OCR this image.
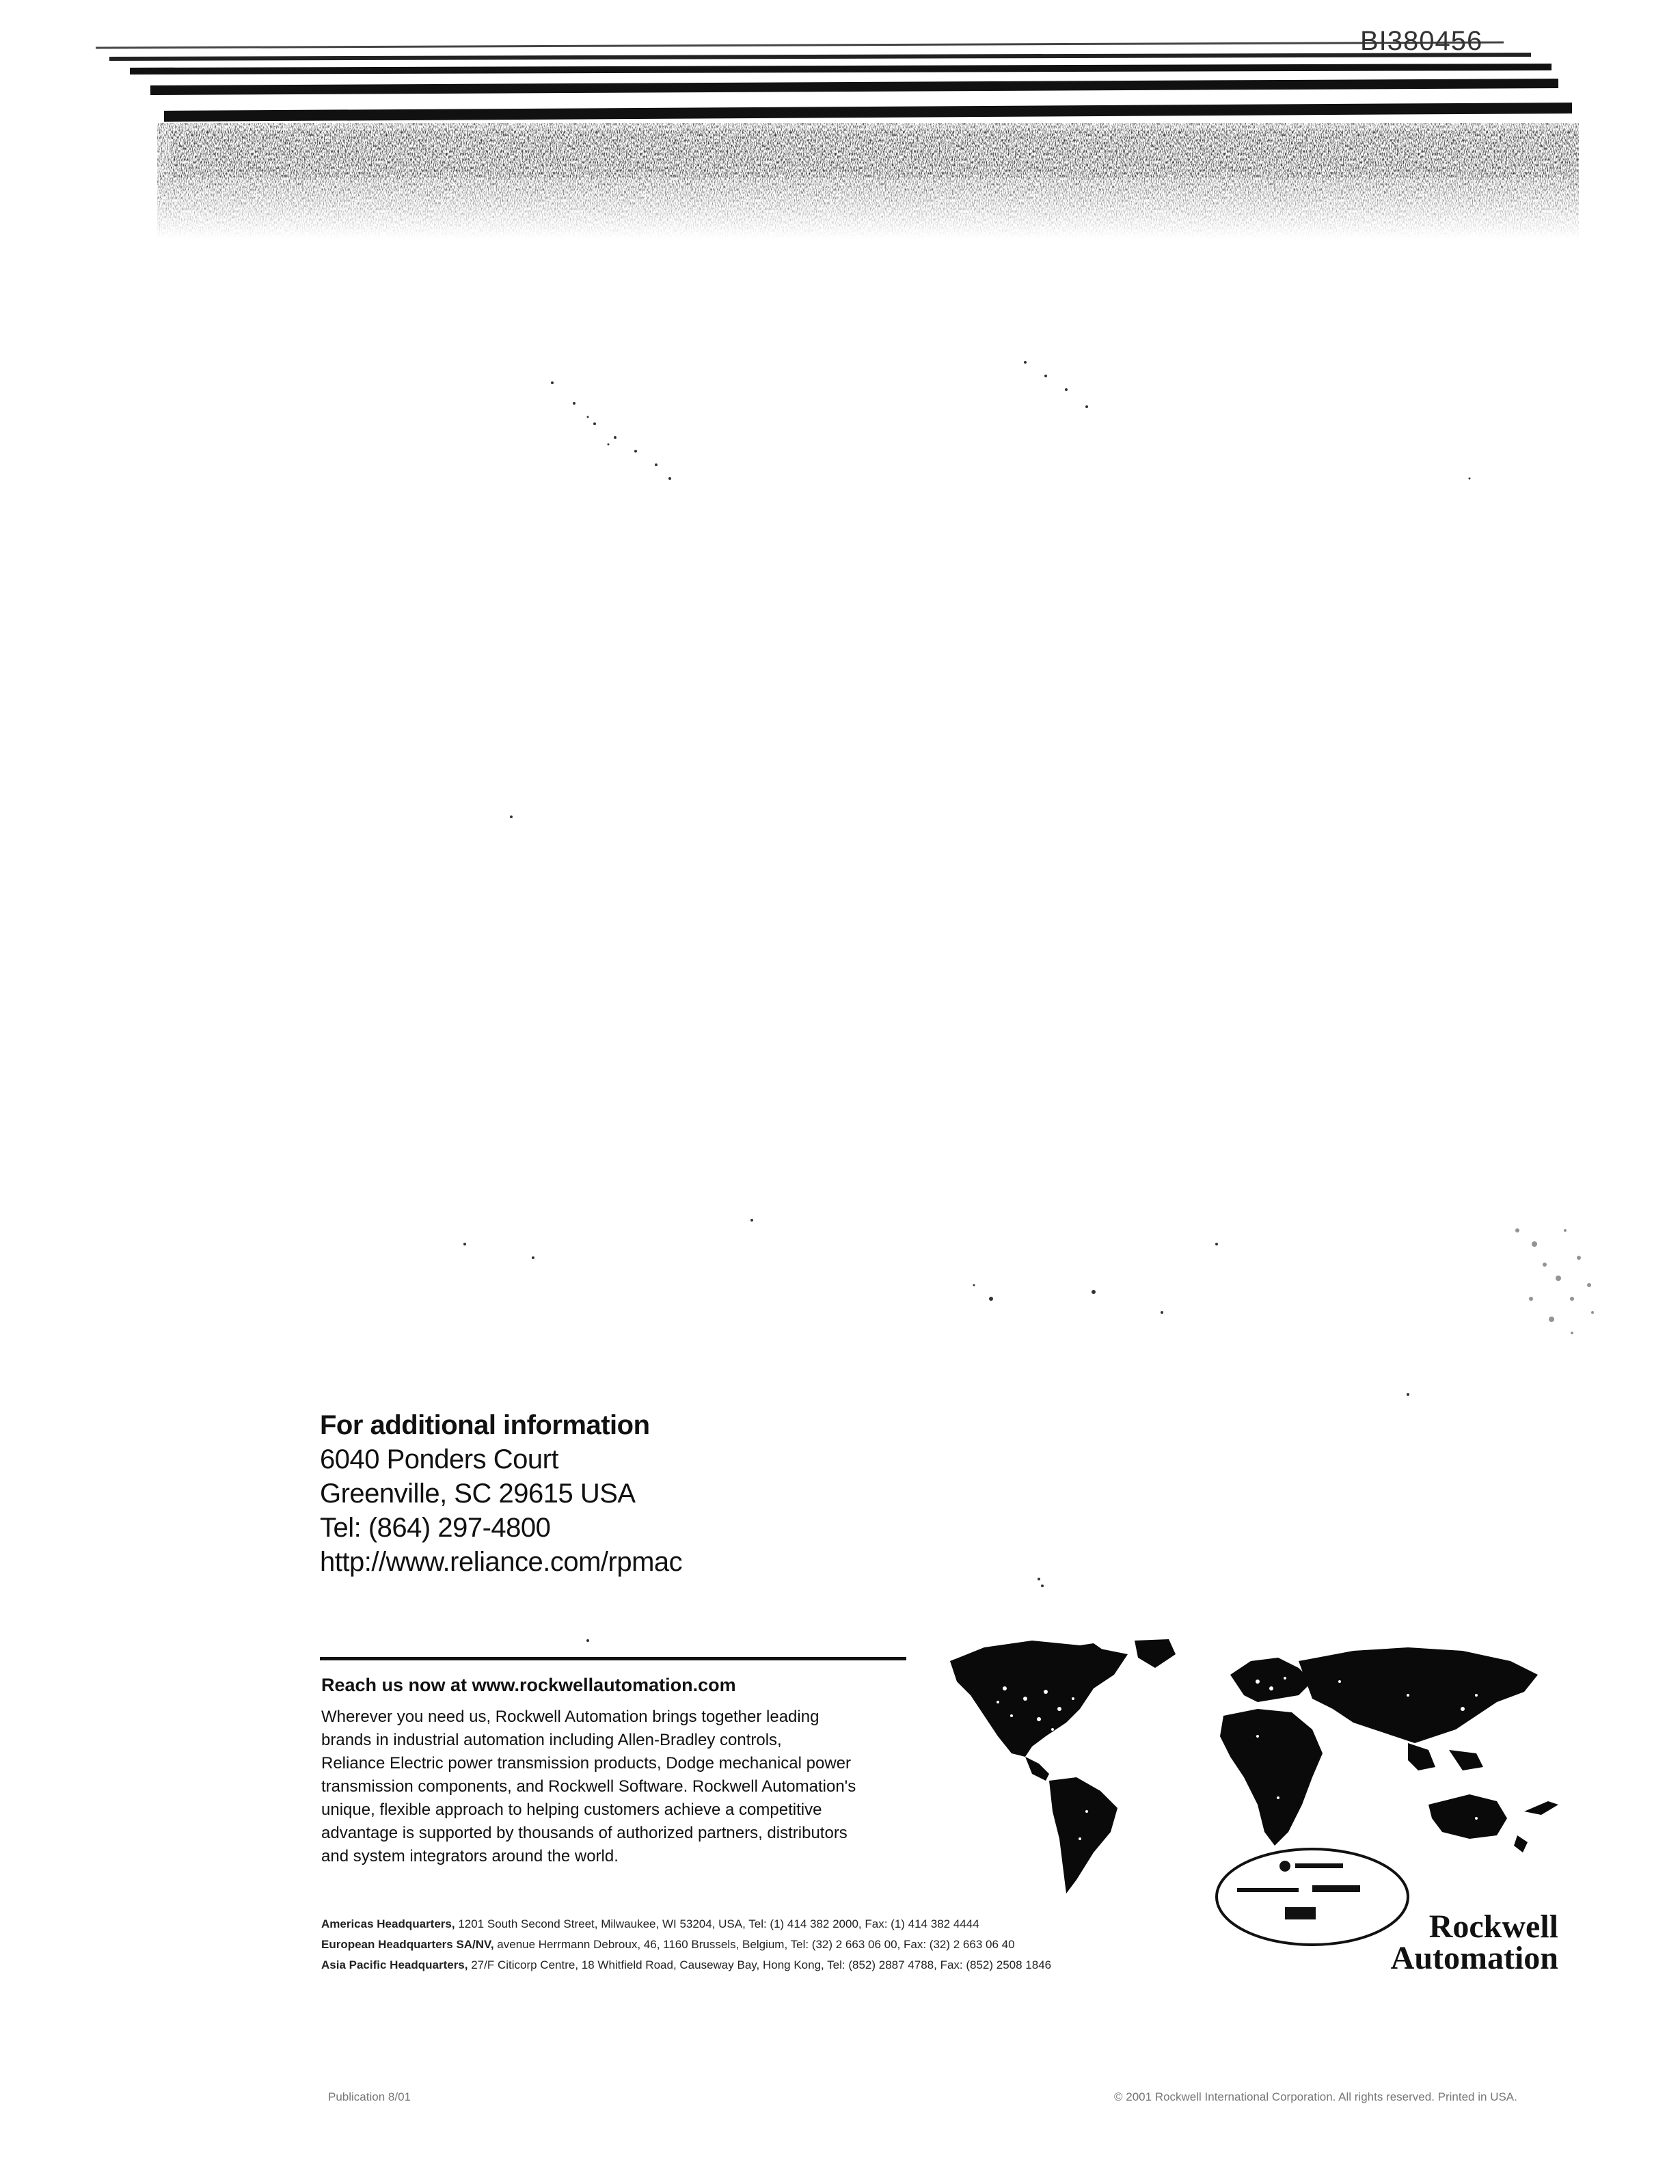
BI380456
For additional information
6040 Ponders Court
Greenville, SC 29615 USA
Tel: (864) 297-4800
http://www.reliance.com/rpmac
Reach us now at www.rockwellautomation.com
Wherever you need us, Rockwell Automation brings together leading
brands in industrial automation including Allen-Bradley controls,
Reliance Electric power transmission products, Dodge mechanical power
transmission components, and Rockwell Software. Rockwell Automation's
unique, flexible approach to helping customers achieve a competitive
advantage is supported by thousands of authorized partners, distributors
and system integrators around the world.
Americas Headquarters, 1201 South Second Street, Milwaukee, WI 53204, USA, Tel: (1) 414 382 2000, Fax: (1) 414 382 4444
European Headquarters SA/NV, avenue Herrmann Debroux, 46, 1160 Brussels, Belgium, Tel: (32) 2 663 06 00, Fax: (32) 2 663 06 40
Asia Pacific Headquarters, 27/F Citicorp Centre, 18 Whitfield Road, Causeway Bay, Hong Kong, Tel: (852) 2887 4788, Fax: (852) 2508 1846
Rockwell
Automation
Publication 8/01	© 2001 Rockwell International Corporation. All rights reserved. Printed in USA.
